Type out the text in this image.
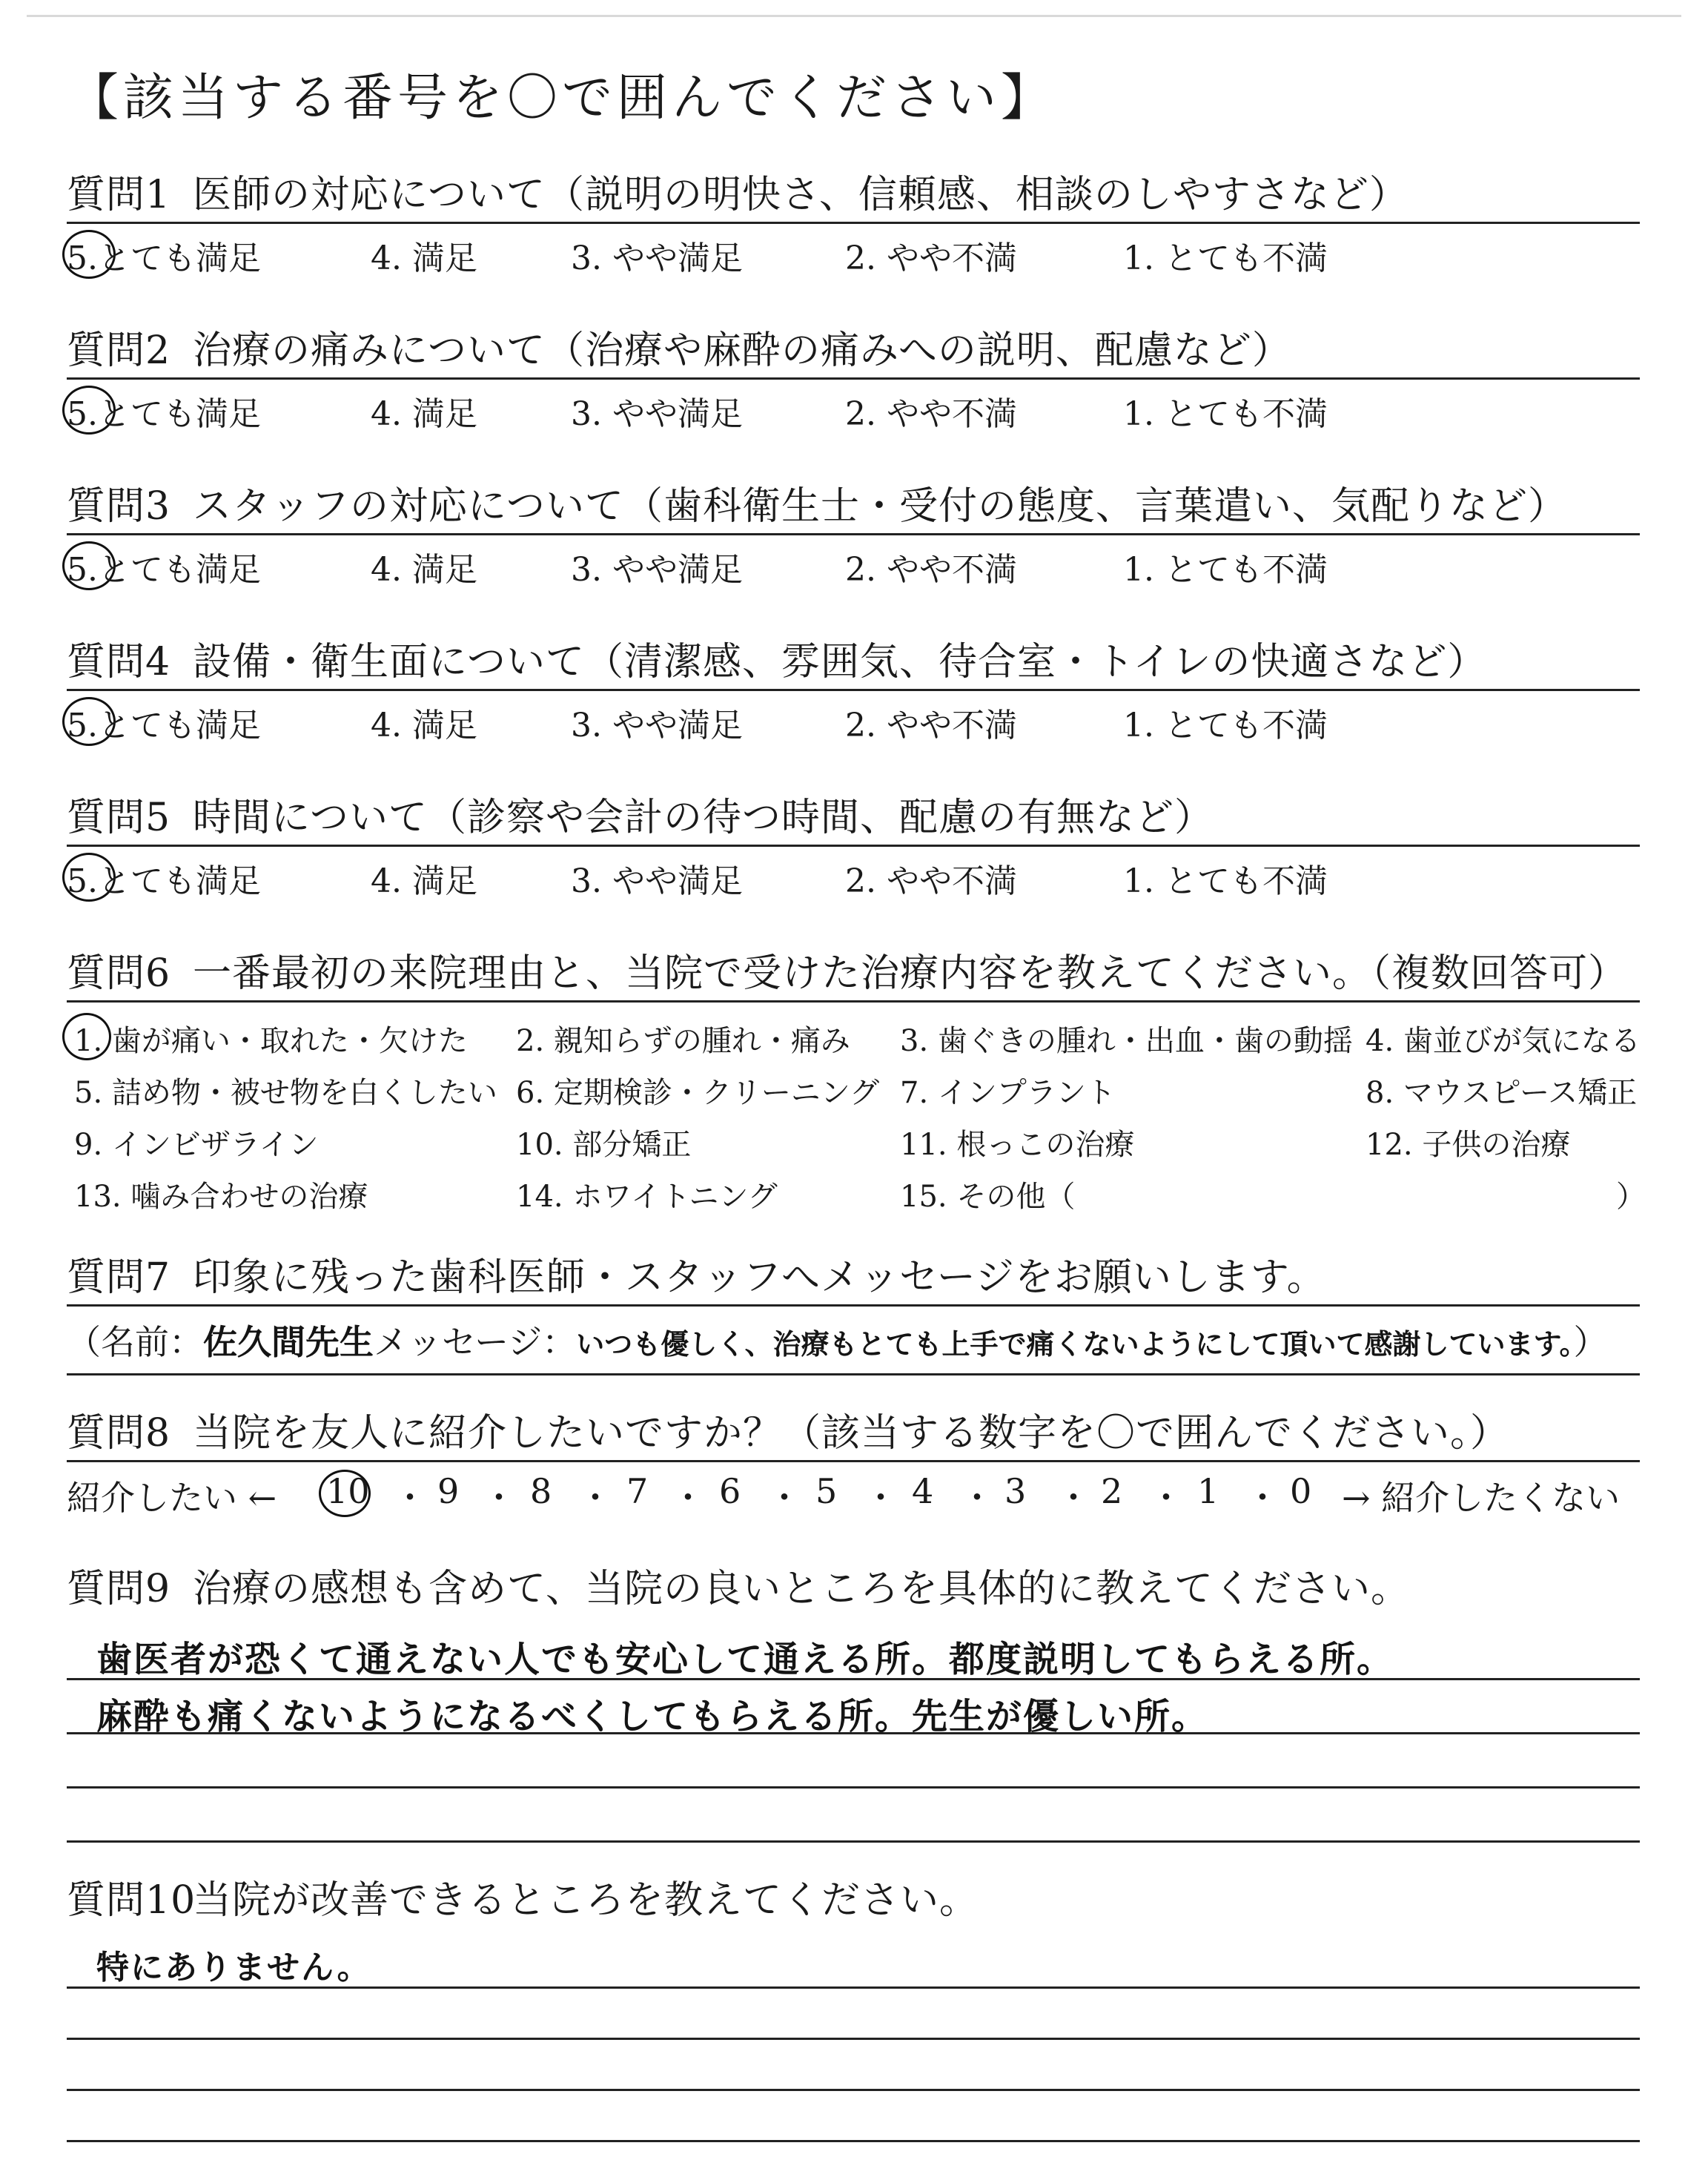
【該当する番号を〇で囲んでください】
質問1 医師の対応について（説明の明快さ、信頼感、相談のしやすさなど）
5.とても満足	4. 満足	3. やや満足	2. やや不満	1. とても不満
質問2 治療の痛みについて（治療や麻酔の痛みへの説明、配慮など）
5.とても満足	4. 満足	3. やや満足	2. やや不満	1. とても不満
質問3 スタッフの対応について（歯科衛生士・受付の態度、言葉遣い、気配りなど）
5.とても満足	4. 満足	3. やや満足	2. やや不満	1. とても不満
質問4 設備・衛生面について（清潔感、雰囲気、待合室・トイレの快適さなど）
5.とても満足	4. 満足	3. やや満足	2. やや不満	1. とても不満
質問5 時間について（診察や会計の待つ時間、配慮の有無など）
5.とても満足	4. 満足	3. やや満足	2. やや不満	1. とても不満
質問6 一番最初の来院理由と、当院で受けた治療内容を教えてください。（複数回答可）
1. 歯が痛い・取れた・欠けた 2. 親知らずの腫れ・痛み 3. 歯ぐきの腫れ・出血・歯の動揺 4. 歯並びが気になる
5. 詰め物・被せ物を白くしたい 6. 定期検診・クリーニング 7. インプラント	8. マウスピース矯正
9. インビザライン	10. 部分矯正	11. 根っこの治療	12. 子供の治療
13. 噛み合わせの治療	14. ホワイトニング	15. その他（	）
質問7 印象に残った歯科医師・スタッフへメッセージをお願いします。
（名前：佐久間先生メッセージ：いつも優しく、治療もとても上手で痛くないようにして頂いて感謝しています。）
質問8 当院を友人に紹介したいですか？（該当する数字を〇で囲んでください。）
紹介したい ← 10 ・ 9 ・ 8 ・ 7 ・ 6 ・ 5 ・ 4 ・ 3 ・ 2 ・ 1 ・ 0 → 紹介したくない
質問9 治療の感想も含めて、当院の良いところを具体的に教えてください。
歯医者が恐くて通えない人でも安心して通える所。都度説明してもらえる所。
麻酔も痛くないようになるべくしてもらえる所。先生が優しい所。
質問10
当院が改善できるところを教えてください。
特にありません。
